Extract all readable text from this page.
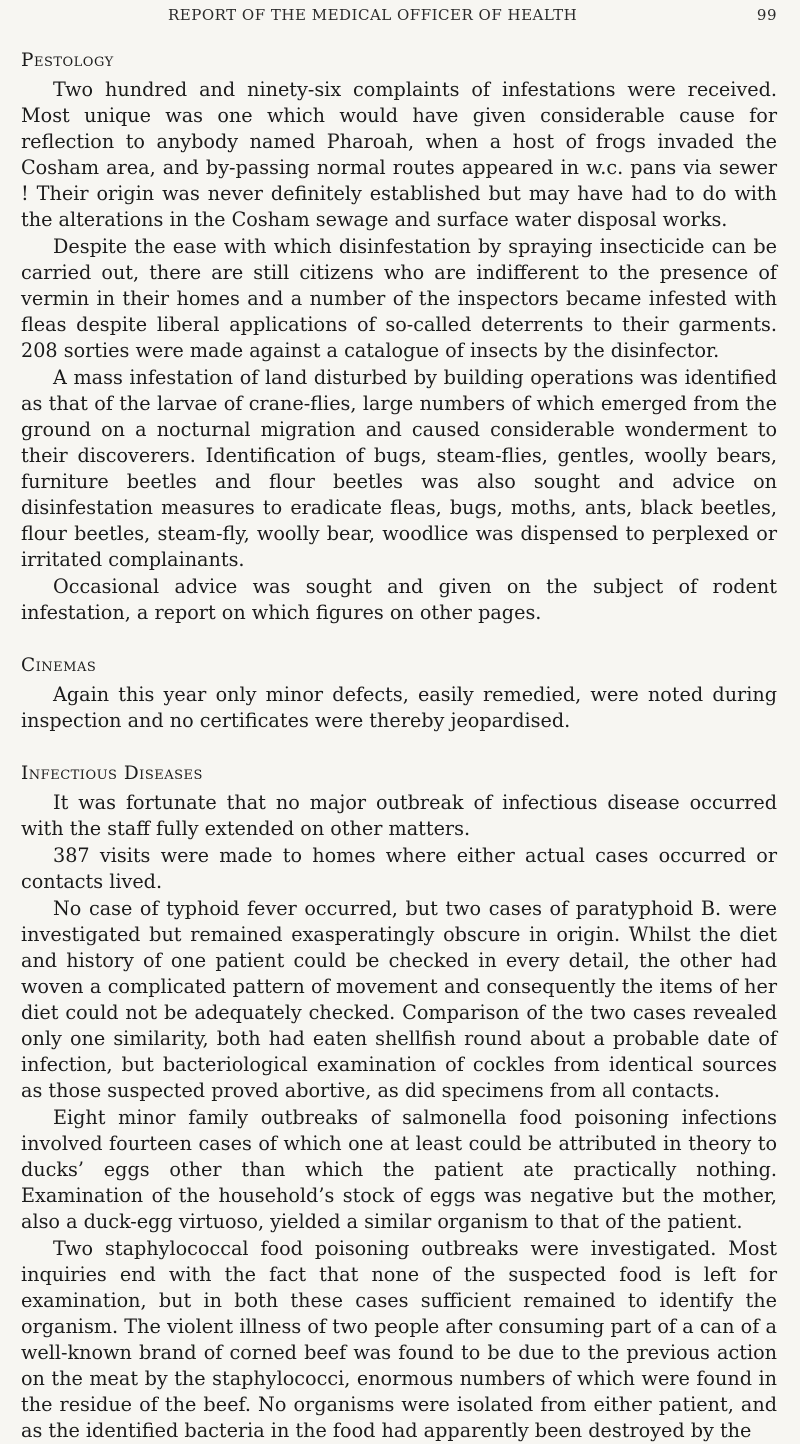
REPORT OF THE MEDICAL OFFICER OF HEALTH	99
Pestology

Two hundred and ninety-six complaints of infestations were received. Most unique was one which would have given considerable cause for reflection to anybody named Pharoah, when a host of frogs invaded the Cosham area, and by-passing normal routes appeared in w.c. pans via sewer ! Their origin was never definitely established but may have had to do with the alterations in the Cosham sewage and surface water disposal works.

Despite the ease with which disinfestation by spraying insecticide can be carried out, there are still citizens who are indifferent to the presence of vermin in their homes and a number of the inspectors became infested with fleas despite liberal applications of so-called deterrents to their garments. 208 sorties were made against a catalogue of insects by the disinfector.

A mass infestation of land disturbed by building operations was identified as that of the larvae of crane-flies, large numbers of which emerged from the ground on a nocturnal migration and caused considerable wonderment to their discoverers. Identification of bugs, steam-flies, gentles, woolly bears, furniture beetles and flour beetles was also sought and advice on disinfestation measures to eradicate fleas, bugs, moths, ants, black beetles, flour beetles, steam-fly, woolly bear, woodlice was dispensed to perplexed or irritated complainants.

Occasional advice was sought and given on the subject of rodent infestation, a report on which figures on other pages.

Cinemas

Again this year only minor defects, easily remedied, were noted during inspection and no certificates were thereby jeopardised.

Infectious Diseases

It was fortunate that no major outbreak of infectious disease occurred with the staff fully extended on other matters.

387 visits were made to homes where either actual cases occurred or contacts lived.

No case of typhoid fever occurred, but two cases of paratyphoid B. were investigated but remained exasperatingly obscure in origin. Whilst the diet and history of one patient could be checked in every detail, the other had woven a complicated pattern of movement and consequently the items of her diet could not be adequately checked. Comparison of the two cases revealed only one similarity, both had eaten shellfish round about a probable date of infection, but bacteriological examination of cockles from identical sources as those suspected proved abortive, as did specimens from all contacts.

Eight minor family outbreaks of salmonella food poisoning infections involved fourteen cases of which one at least could be attributed in theory to ducks’ eggs other than which the patient ate practically nothing. Examination of the household’s stock of eggs was negative but the mother, also a duck-egg virtuoso, yielded a similar organism to that of the patient.

Two staphylococcal food poisoning outbreaks were investigated. Most inquiries end with the fact that none of the suspected food is left for examination, but in both these cases sufficient remained to identify the organism. The violent illness of two people after consuming part of a can of a well-known brand of corned beef was found to be due to the previous action on the meat by the staphylococci, enormous numbers of which were found in the residue of the beef. No organisms were isolated from either patient, and as the identified bacteria in the food had apparently been destroyed by the
